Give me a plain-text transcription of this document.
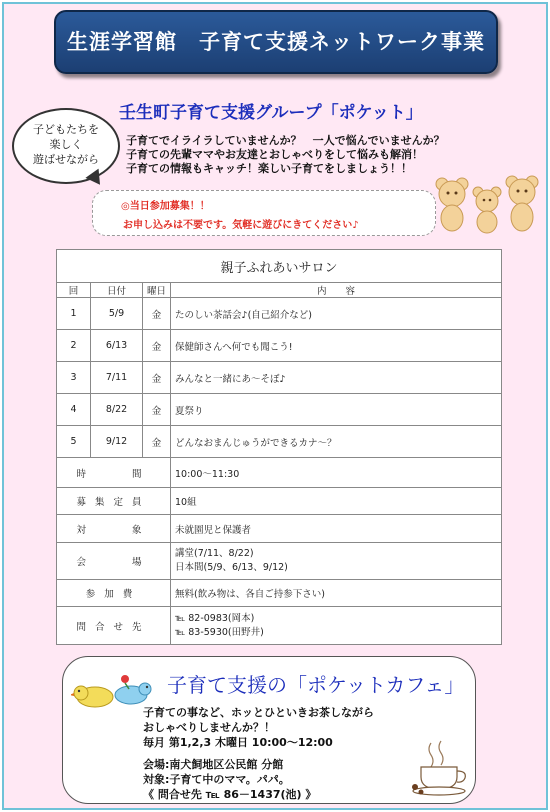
生涯学習館　子育て支援ネットワーク事業
壬生町子育て支援グループ「ポケット」
子どもたちを
楽しく
遊ばせながら
子育てでイライラしていませんか？　一人で悩んでいませんか？
子育ての先輩ママやお友達とおしゃべりをして悩みも解消！
子育ての情報もキャッチ！楽しい子育てをしましょう！！
◎当日参加募集！！
お申し込みは不要です。気軽に遊びにきてください♪
親子ふれあいサロン			
回	日付	曜日	内　　容
1	5/9	金	たのしい茶話会♪(自己紹介など)
2	6/13	金	保健師さんへ何でも聞こう!
3	7/11	金	みんなと一緒にあ～そぼ♪
4	8/22	金	夏祭り
5	9/12	金	どんなおまんじゅうができるカナ～？
時　　間			10:00～11:30
募集定員			10組
対　　象			未就園児と保護者
会　　場			講堂(7/11、8/22)
日本間(5/9、6/13、9/12)

参加費			無料(飲み物は、各自ご持参下さい)
問合せ先			℡ 82-0983(岡本)
℡ 83-5930(田野井)
子育て支援の「ポケットカフェ」
子育ての事など、ホッとひといきお茶しながら
おしゃべりしませんか？！
毎月 第1,2,3 木曜日 10:00～12:00
会場:南犬飼地区公民館 分館
対象:子育て中のママ。パパ。
《 問合せ先 ℡ 86－1437(池) 》
